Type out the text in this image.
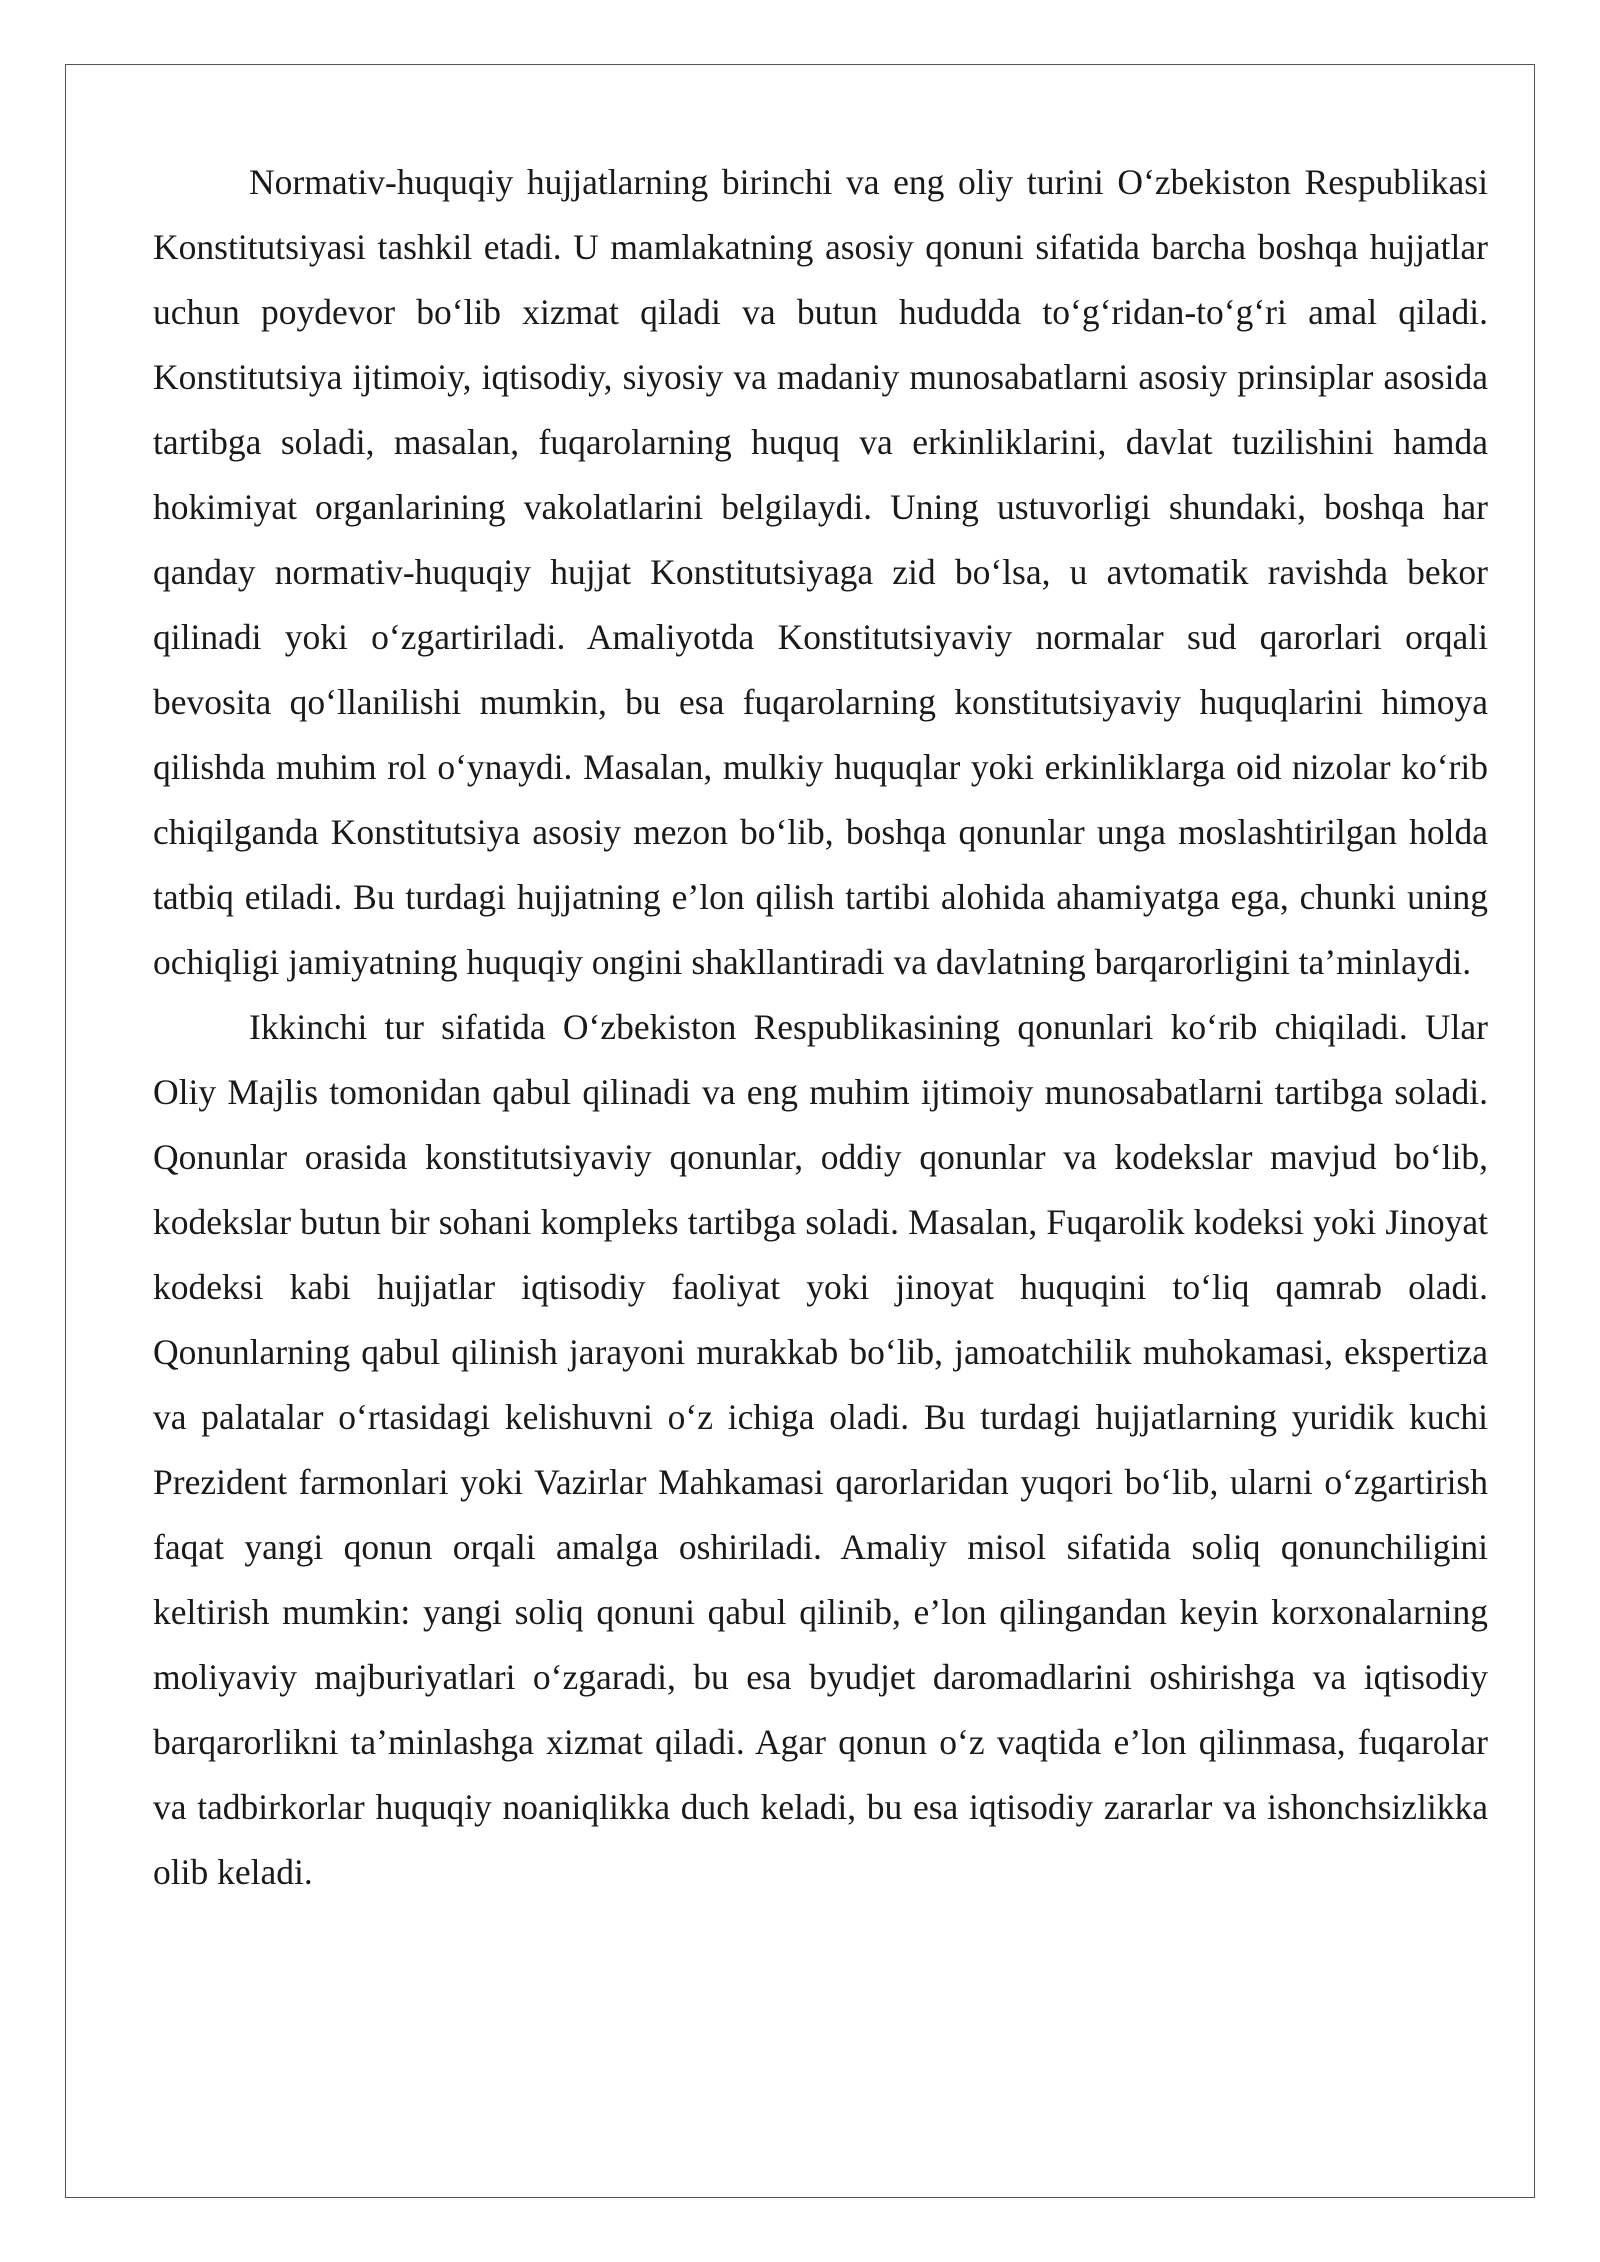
Normativ-huquqiy hujjatlarning birinchi va eng oliy turini O‘zbekiston Respublikasi Konstitutsiyasi tashkil etadi. U mamlakatning asosiy qonuni sifatida barcha boshqa hujjatlar uchun poydevor bo‘lib xizmat qiladi va butun hududda to‘g‘ridan-to‘g‘ri amal qiladi. Konstitutsiya ijtimoiy, iqtisodiy, siyosiy va madaniy munosabatlarni asosiy prinsiplar asosida tartibga soladi, masalan, fuqarolarning huquq va erkinliklarini, davlat tuzilishini hamda hokimiyat organlarining vakolatlarini belgilaydi. Uning ustuvorligi shundaki, boshqa har qanday normativ-huquqiy hujjat Konstitutsiyaga zid bo‘lsa, u avtomatik ravishda bekor qilinadi yoki o‘zgartiriladi. Amaliyotda Konstitutsiyaviy normalar sud qarorlari orqali bevosita qo‘llanilishi mumkin, bu esa fuqarolarning konstitutsiyaviy huquqlarini himoya qilishda muhim rol o‘ynaydi. Masalan, mulkiy huquqlar yoki erkinliklarga oid nizolar ko‘rib chiqilganda Konstitutsiya asosiy mezon bo‘lib, boshqa qonunlar unga moslashtirilgan holda tatbiq etiladi. Bu turdagi hujjatning e’lon qilish tartibi alohida ahamiyatga ega, chunki uning ochiqligi jamiyatning huquqiy ongini shakllantiradi va davlatning barqarorligini ta’minlaydi.

Ikkinchi tur sifatida O‘zbekiston Respublikasining qonunlari ko‘rib chiqiladi. Ular Oliy Majlis tomonidan qabul qilinadi va eng muhim ijtimoiy munosabatlarni tartibga soladi. Qonunlar orasida konstitutsiyaviy qonunlar, oddiy qonunlar va kodekslar mavjud bo‘lib, kodekslar butun bir sohani kompleks tartibga soladi. Masalan, Fuqarolik kodeksi yoki Jinoyat kodeksi kabi hujjatlar iqtisodiy faoliyat yoki jinoyat huquqini to‘liq qamrab oladi. Qonunlarning qabul qilinish jarayoni murakkab bo‘lib, jamoatchilik muhokamasi, ekspertiza va palatalar o‘rtasidagi kelishuvni o‘z ichiga oladi. Bu turdagi hujjatlarning yuridik kuchi Prezident farmonlari yoki Vazirlar Mahkamasi qarorlaridan yuqori bo‘lib, ularni o‘zgartirish faqat yangi qonun orqali amalga oshiriladi. Amaliy misol sifatida soliq qonunchiligini keltirish mumkin: yangi soliq qonuni qabul qilinib, e’lon qilingandan keyin korxonalarning moliyaviy majburiyatlari o‘zgaradi, bu esa byudjet daromadlarini oshirishga va iqtisodiy barqarorlikni ta’minlashga xizmat qiladi. Agar qonun o‘z vaqtida e’lon qilinmasa, fuqarolar va tadbirkorlar huquqiy noaniqlikka duch keladi, bu esa iqtisodiy zararlar va ishonchsizlikka olib keladi.
